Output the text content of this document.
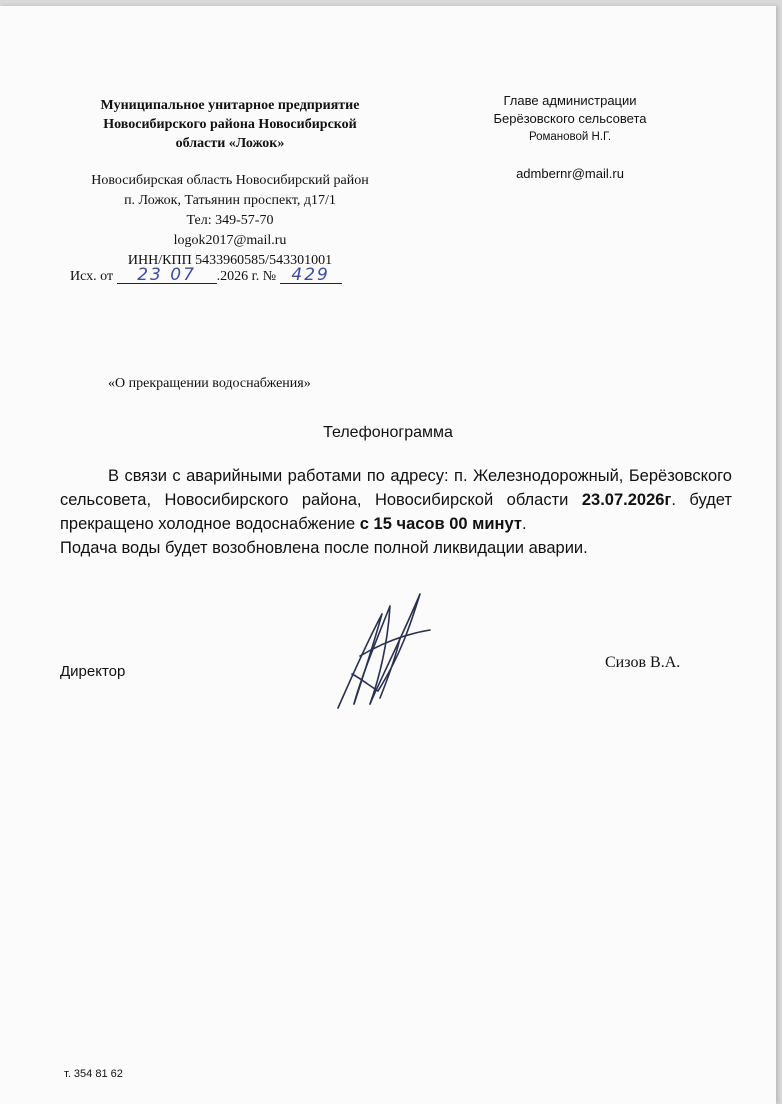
Муниципальное унитарное предприятие
Новосибирского района Новосибирской
области «Ложок»
Новосибирская область Новосибирский район
п. Ложок, Татьянин проспект, д17/1
Тел: 349-57-70
logok2017@mail.ru
ИНН/КПП 5433960585/543301001
Исх. от 23 07 .2026 г. № 429
Главе администрации
Берёзовского сельсовета
Романовой Н.Г.
admbernr@mail.ru
«О прекращении водоснабжения»
Телефонограмма
В связи с аварийными работами по адресу: п. Железнодорожный, Берёзовского сельсовета, Новосибирского района, Новосибирской области 23.07.2026г. будет прекращено холодное водоснабжение с 15 часов 00 минут.
Подача воды будет возобновлена после полной ликвидации аварии.
Директор
Сизов В.А.
т. 354 81 62
